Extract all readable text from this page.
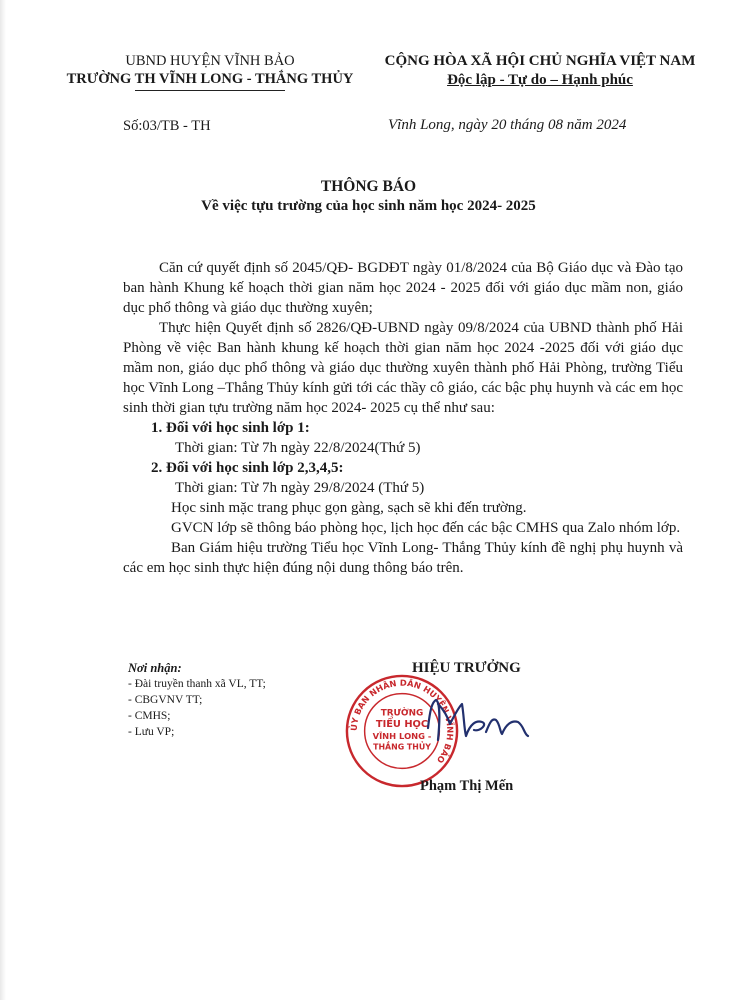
UBND HUYỆN VĨNH BẢO
TRƯỜNG TH VĨNH LONG - THẮNG THỦY
CỘNG HÒA XÃ HỘI CHỦ NGHĨA VIỆT NAM
Độc lập - Tự do – Hạnh phúc
Số:03/TB - TH	Vĩnh Long, ngày 20 tháng 08 năm 2024
THÔNG BÁO
Về việc tựu trường của học sinh năm học 2024- 2025

Căn cứ quyết định số 2045/QĐ- BGDĐT ngày 01/8/2024 của Bộ Giáo dục và Đào tạo ban hành Khung kế hoạch thời gian năm học 2024 - 2025 đối với giáo dục mầm non, giáo dục phổ thông và giáo dục thường xuyên;

Thực hiện Quyết định số 2826/QĐ-UBND ngày 09/8/2024 của UBND thành phố Hải Phòng về việc Ban hành khung kế hoạch thời gian năm học 2024 -2025 đối với giáo dục mầm non, giáo dục phổ thông và giáo dục thường xuyên thành phố Hải Phòng, trường Tiểu học Vĩnh Long –Thắng Thủy kính gửi tới các thầy cô giáo, các bậc phụ huynh và các em học sinh thời gian tựu trường năm học 2024- 2025 cụ thể như sau:

1. Đối với học sinh lớp 1:

Thời gian: Từ 7h ngày 22/8/2024(Thứ 5)

2. Đối với học sinh lớp 2,3,4,5:

Thời gian: Từ 7h ngày 29/8/2024 (Thứ 5)

Học sinh mặc trang phục gọn gàng, sạch sẽ khi đến trường.

GVCN lớp sẽ thông báo phòng học, lịch học đến các bậc CMHS qua Zalo nhóm lớp.

Ban Giám hiệu trường Tiểu học Vĩnh Long- Thắng Thủy kính đề nghị phụ huynh và các em học sinh thực hiện đúng nội dung thông báo trên.

Nơi nhận:
- Đài truyền thanh xã VL, TT;
- CBGVNV TT;
- CMHS;
- Lưu VP;	ỦY BAN NHÂN DÂN HUYỆN VĨNH BẢO
TRƯỜNG
TIỂU HỌC
VĨNH LONG -
THẮNG THỦY
HIỆU TRƯỞNG
Phạm Thị Mến
